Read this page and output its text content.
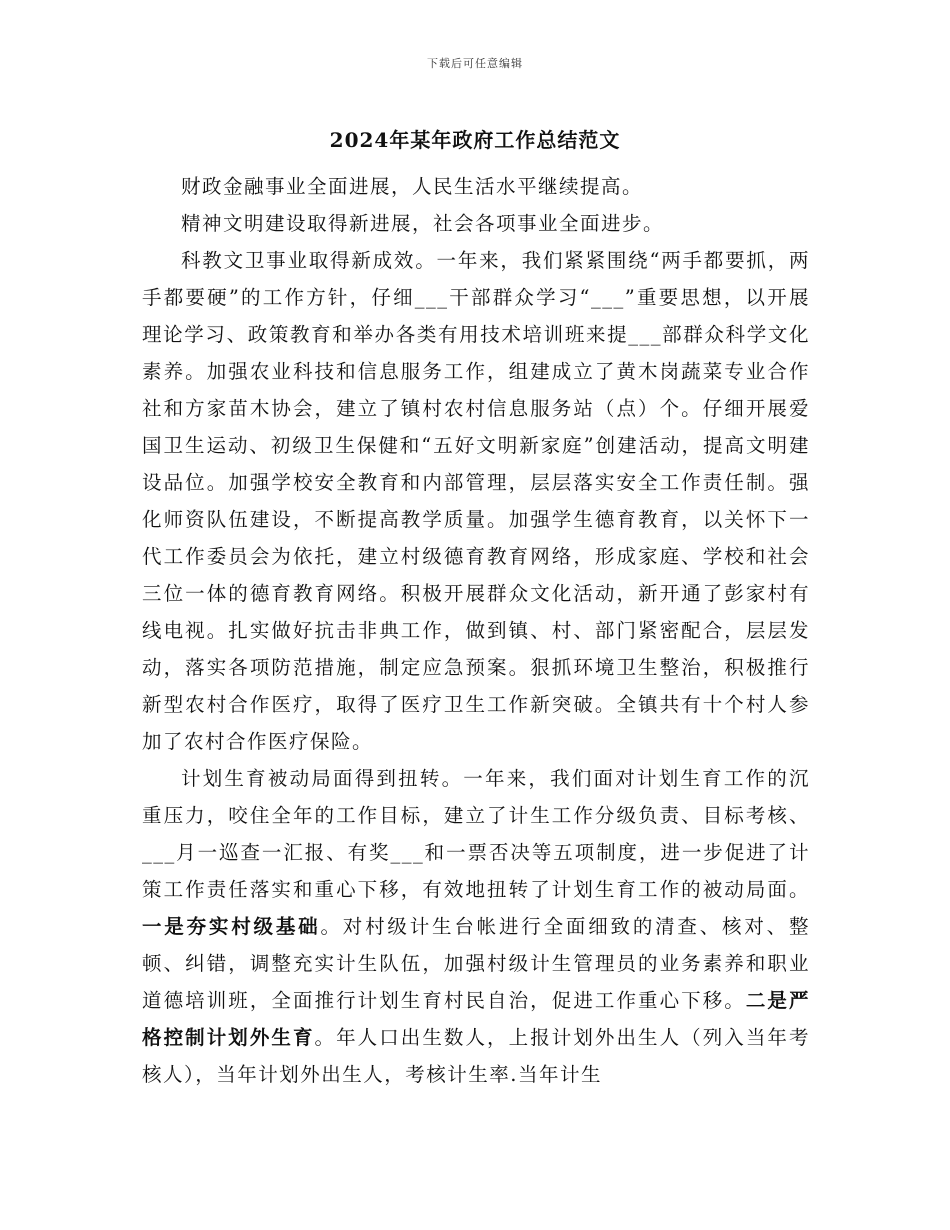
下载后可任意编辑
2024年某年政府工作总结范文

财政金融事业全面进展，人民生活水平继续提高。

精神文明建设取得新进展，社会各项事业全面进步。

科教文卫事业取得新成效。一年来，我们紧紧围绕“两手都要抓，两手都要硬”的工作方针，仔细___干部群众学习“___”重要思想，以开展理论学习、政策教育和举办各类有用技术培训班来提___部群众科学文化素养。加强农业科技和信息服务工作，组建成立了黄木岗蔬菜专业合作社和方家苗木协会，建立了镇村农村信息服务站（点）个。仔细开展爱国卫生运动、初级卫生保健和“五好文明新家庭”创建活动，提高文明建设品位。加强学校安全教育和内部管理，层层落实安全工作责任制。强化师资队伍建设，不断提高教学质量。加强学生德育教育，以关怀下一代工作委员会为依托，建立村级德育教育网络，形成家庭、学校和社会三位一体的德育教育网络。积极开展群众文化活动，新开通了彭家村有线电视。扎实做好抗击非典工作，做到镇、村、部门紧密配合，层层发动，落实各项防范措施，制定应急预案。狠抓环境卫生整治，积极推行新型农村合作医疗，取得了医疗卫生工作新突破。全镇共有十个村人参加了农村合作医疗保险。

计划生育被动局面得到扭转。一年来，我们面对计划生育工作的沉重压力，咬住全年的工作目标，建立了计生工作分级负责、目标考核、___月一巡查一汇报、有奖___和一票否决等五项制度，进一步促进了计策工作责任落实和重心下移，有效地扭转了计划生育工作的被动局面。一是夯实村级基础。对村级计生台帐进行全面细致的清查、核对、整顿、纠错，调整充实计生队伍，加强村级计生管理员的业务素养和职业道德培训班，全面推行计划生育村民自治，促进工作重心下移。二是严格控制计划外生育。年人口出生数人，上报计划外出生人（列入当年考核人），当年计划外出生人，考核计生率.当年计生
